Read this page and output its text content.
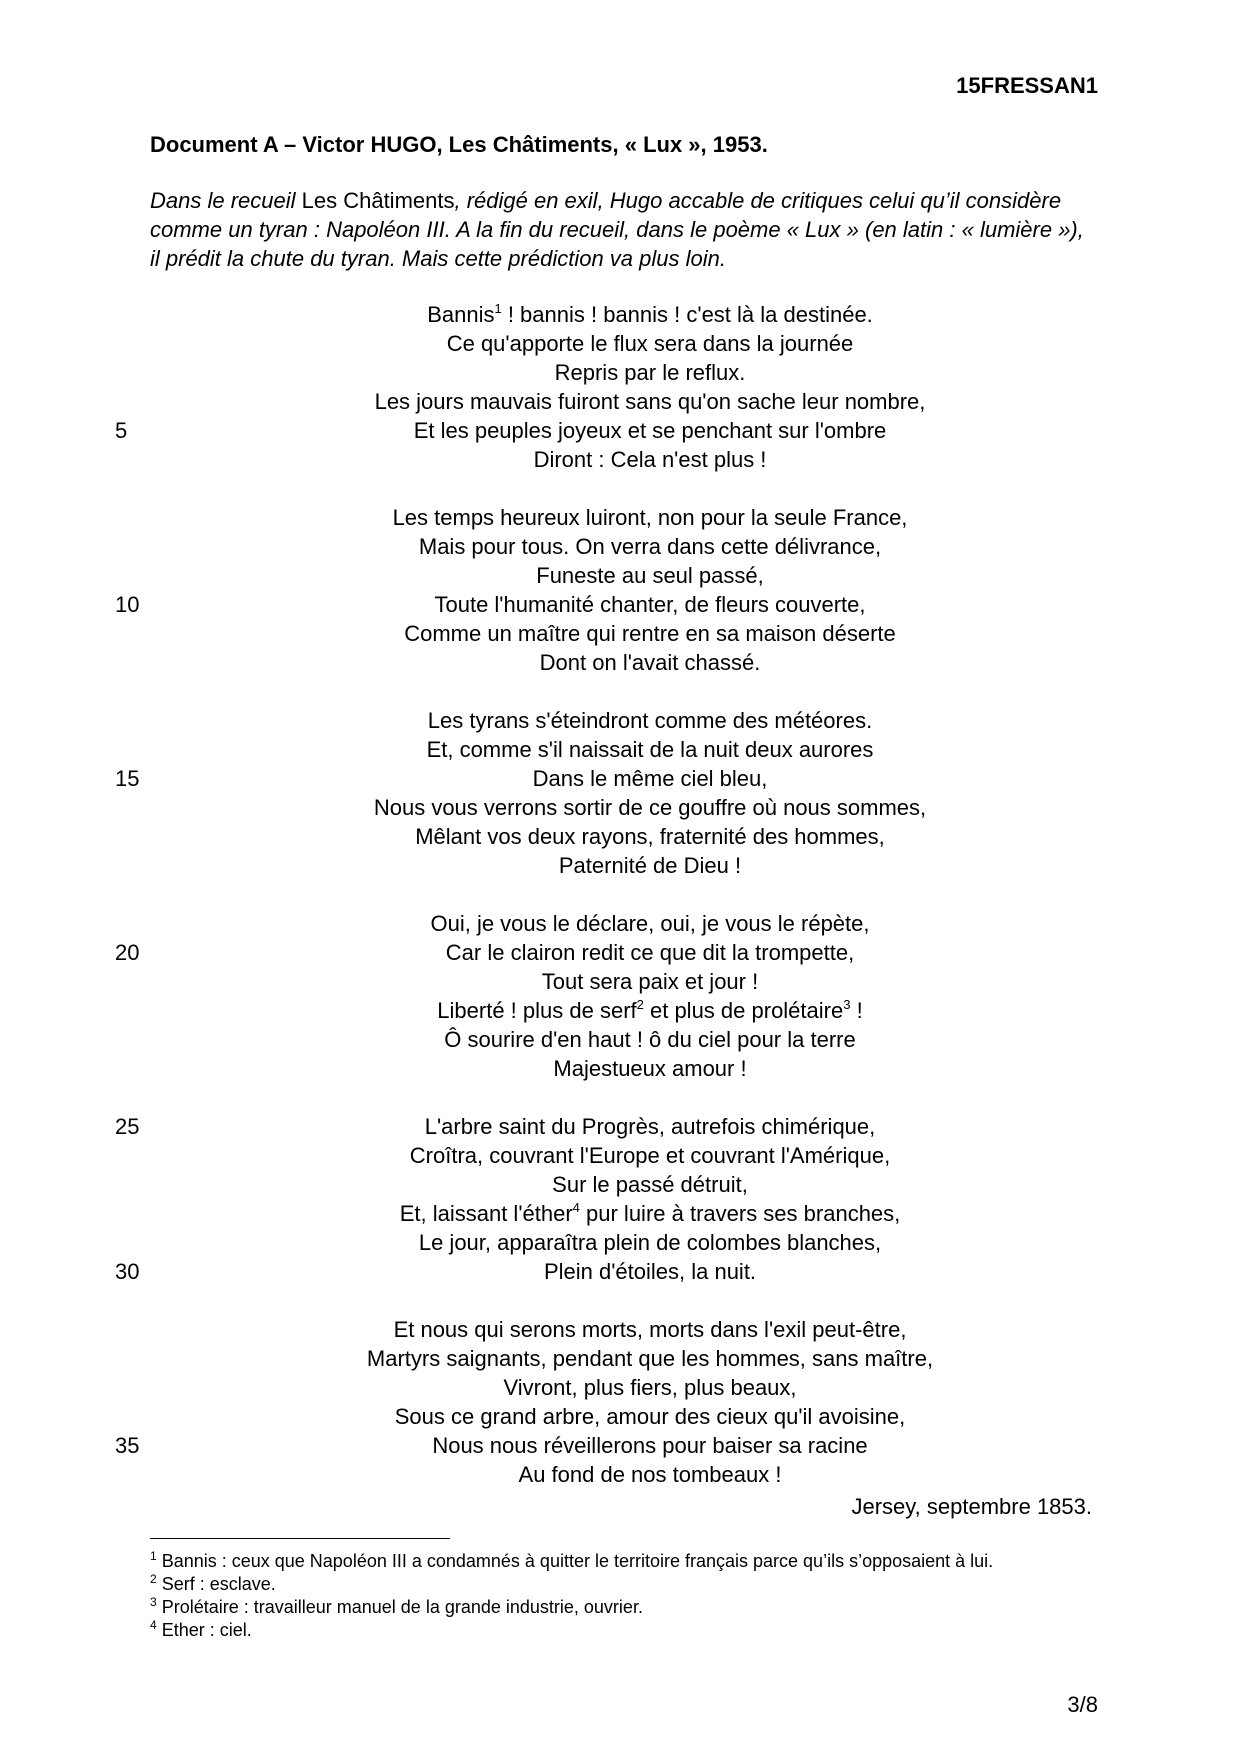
15FRESSAN1
Document A – Victor HUGO, Les Châtiments, « Lux », 1953.
Dans le recueil Les Châtiments, rédigé en exil, Hugo accable de critiques celui qu’il considère comme un tyran : Napoléon III. A la fin du recueil, dans le poème « Lux » (en latin : « lumière »), il prédit la chute du tyran. Mais cette prédiction va plus loin.
5
10
15
20
25
30
35
Bannis$^1$ ! bannis ! bannis ! c'est là la destinée.
Ce qu'apporte le flux sera dans la journée
Repris par le reflux.
Les jours mauvais fuiront sans qu'on sache leur nombre,
Et les peuples joyeux et se penchant sur l'ombre
Diront : Cela n'est plus !
Les temps heureux luiront, non pour la seule France,
Mais pour tous. On verra dans cette délivrance,
Funeste au seul passé,
Toute l'humanité chanter, de fleurs couverte,
Comme un maître qui rentre en sa maison déserte
Dont on l'avait chassé.
Les tyrans s'éteindront comme des météores.
Et, comme s'il naissait de la nuit deux aurores
Dans le même ciel bleu,
Nous vous verrons sortir de ce gouffre où nous sommes,
Mêlant vos deux rayons, fraternité des hommes,
Paternité de Dieu !
Oui, je vous le déclare, oui, je vous le répète,
Car le clairon redit ce que dit la trompette,
Tout sera paix et jour !
Liberté ! plus de serf$^2$ et plus de prolétaire$^3$ !
Ô sourire d'en haut ! ô du ciel pour la terre
Majestueux amour !
L'arbre saint du Progrès, autrefois chimérique,
Croîtra, couvrant l'Europe et couvrant l'Amérique,
Sur le passé détruit,
Et, laissant l'éther$^4$ pur luire à travers ses branches,
Le jour, apparaîtra plein de colombes blanches,
Plein d'étoiles, la nuit.
Et nous qui serons morts, morts dans l'exil peut-être,
Martyrs saignants, pendant que les hommes, sans maître,
Vivront, plus fiers, plus beaux,
Sous ce grand arbre, amour des cieux qu'il avoisine,
Nous nous réveillerons pour baiser sa racine
Au fond de nos tombeaux !
Jersey, septembre 1853.
$^1$ Bannis : ceux que Napoléon III a condamnés à quitter le territoire français parce qu’ils s’opposaient à lui.
$^2$ Serf : esclave.
$^3$ Prolétaire : travailleur manuel de la grande industrie, ouvrier.
$^4$ Ether : ciel.
3/8
